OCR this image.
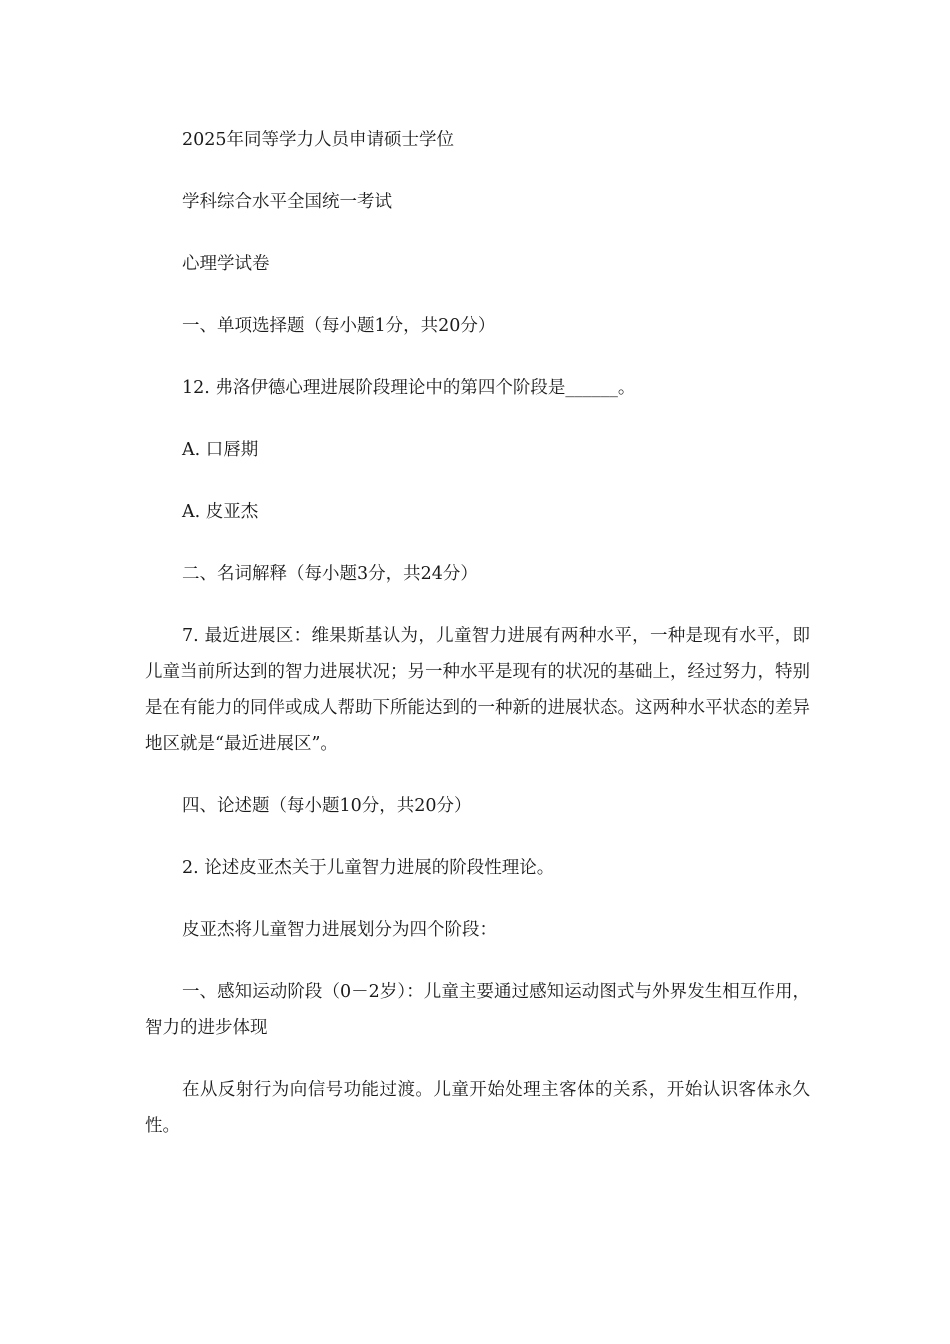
2025年同等学力人员申请硕士学位

学科综合水平全国统一考试

心理学试卷

一、单项选择题（每小题1分，共20分）

12. 弗洛伊德心理进展阶段理论中的第四个阶段是______。

A. 口唇期

A. 皮亚杰

二、名词解释（每小题3分，共24分）

7. 最近进展区：维果斯基认为，儿童智力进展有两种水平，一种是现有水平，即儿童当前所达到的智力进展状况；另一种水平是现有的状况的基础上，经过努力，特别是在有能力的同伴或成人帮助下所能达到的一种新的进展状态。这两种水平状态的差异地区就是“最近进展区”。

四、论述题（每小题10分，共20分）

2. 论述皮亚杰关于儿童智力进展的阶段性理论。

皮亚杰将儿童智力进展划分为四个阶段：

一、感知运动阶段（0－2岁）：儿童主要通过感知运动图式与外界发生相互作用，智力的进步体现

在从反射行为向信号功能过渡。儿童开始处理主客体的关系，开始认识客体永久性。
